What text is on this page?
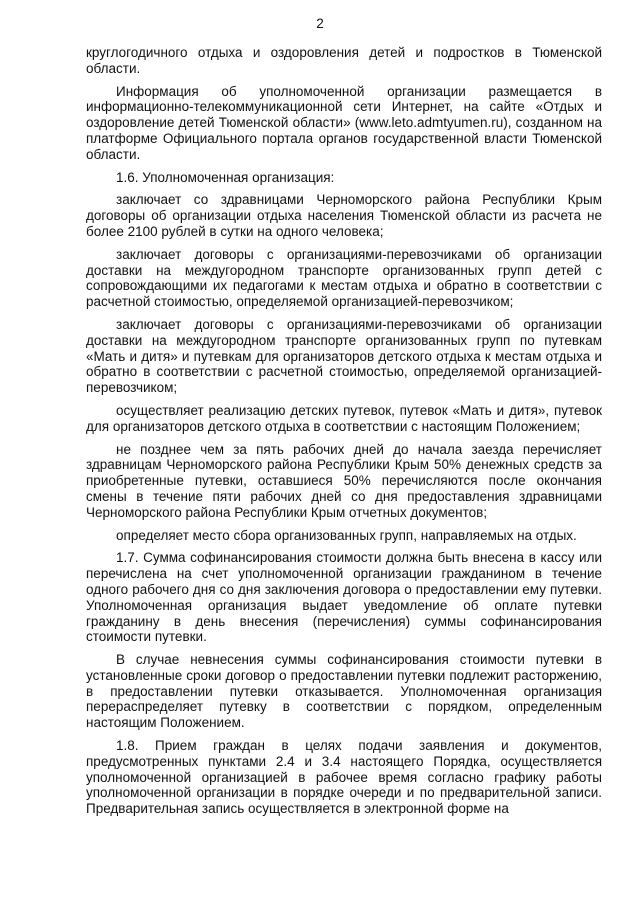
2

круглогодичного отдыха и оздоровления детей и подростков в Тюменской области.

Информация об уполномоченной организации размещается в информационно-телекоммуникационной сети Интернет, на сайте «Отдых и оздоровление детей Тюменской области» (www.leto.admtyumen.ru), созданном на платформе Официального портала органов государственной власти Тюменской области.

1.6. Уполномоченная организация:

заключает со здравницами Черноморского района Республики Крым договоры об организации отдыха населения Тюменской области из расчета не более 2100 рублей в сутки на одного человека;

заключает договоры с организациями-перевозчиками об организации доставки на междугородном транспорте организованных групп детей с сопровождающими их педагогами к местам отдыха и обратно в соответствии с расчетной стоимостью, определяемой организацией-перевозчиком;

заключает договоры с организациями-перевозчиками об организации доставки на междугородном транспорте организованных групп по путевкам «Мать и дитя» и путевкам для организаторов детского отдыха к местам отдыха и обратно в соответствии с расчетной стоимостью, определяемой организацией-перевозчиком;

осуществляет реализацию детских путевок, путевок «Мать и дитя», путевок для организаторов детского отдыха в соответствии с настоящим Положением;

не позднее чем за пять рабочих дней до начала заезда перечисляет здравницам Черноморского района Республики Крым 50% денежных средств за приобретенные путевки, оставшиеся 50% перечисляются после окончания смены в течение пяти рабочих дней со дня предоставления здравницами Черноморского района Республики Крым отчетных документов;

определяет место сбора организованных групп, направляемых на отдых.

1.7. Сумма софинансирования стоимости должна быть внесена в кассу или перечислена на счет уполномоченной организации гражданином в течение одного рабочего дня со дня заключения договора о предоставлении ему путевки. Уполномоченная организация выдает уведомление об оплате путевки гражданину в день внесения (перечисления) суммы софинансирования стоимости путевки.

В случае невнесения суммы софинансирования стоимости путевки в установленные сроки договор о предоставлении путевки подлежит расторжению, в предоставлении путевки отказывается. Уполномоченная организация перераспределяет путевку в соответствии с порядком, определенным настоящим Положением.

1.8. Прием граждан в целях подачи заявления и документов, предусмотренных пунктами 2.4 и 3.4 настоящего Порядка, осуществляется уполномоченной организацией в рабочее время согласно графику работы уполномоченной организации в порядке очереди и по предварительной записи. Предварительная запись осуществляется в электронной форме на
